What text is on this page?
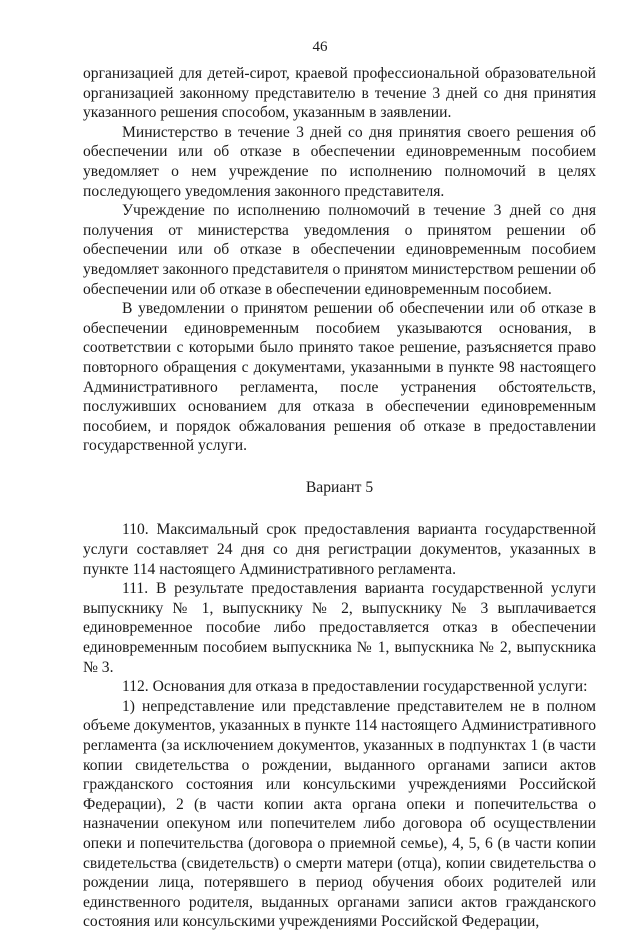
46

организацией для детей-сирот, краевой профессиональной образовательной организацией законному представителю в течение 3 дней со дня принятия указанного решения способом, указанным в заявлении.

Министерство в течение 3 дней со дня принятия своего решения об обеспечении или об отказе в обеспечении единовременным пособием уведомляет о нем учреждение по исполнению полномочий в целях последующего уведомления законного представителя.

Учреждение по исполнению полномочий в течение 3 дней со дня получения от министерства уведомления о принятом решении об обеспечении или об отказе в обеспечении единовременным пособием уведомляет законного представителя о принятом министерством решении об обеспечении или об отказе в обеспечении единовременным пособием.

В уведомлении о принятом решении об обеспечении или об отказе в обеспечении единовременным пособием указываются основания, в соответствии с которыми было принято такое решение, разъясняется право повторного обращения с документами, указанными в пункте 98 настоящего Административного регламента, после устранения обстоятельств, послуживших основанием для отказа в обеспечении единовременным пособием, и порядок обжалования решения об отказе в предоставлении государственной услуги.

Вариант 5

110. Максимальный срок предоставления варианта государственной услуги составляет 24 дня со дня регистрации документов, указанных в пункте 114 настоящего Административного регламента.

111. В результате предоставления варианта государственной услуги выпускнику № 1, выпускнику № 2, выпускнику № 3 выплачивается единовременное пособие либо предоставляется отказ в обеспечении единовременным пособием выпускника № 1, выпускника № 2, выпускника № 3.

112. Основания для отказа в предоставлении государственной услуги:

1) непредставление или представление представителем не в полном объеме документов, указанных в пункте 114 настоящего Административного регламента (за исключением документов, указанных в подпунктах 1 (в части копии свидетельства о рождении, выданного органами записи актов гражданского состояния или консульскими учреждениями Российской Федерации), 2 (в части копии акта органа опеки и попечительства о назначении опекуном или попечителем либо договора об осуществлении опеки и попечительства (договора о приемной семье), 4, 5, 6 (в части копии свидетельства (свидетельств) о смерти матери (отца), копии свидетельства о рождении лица, потерявшего в период обучения обоих родителей или единственного родителя, выданных органами записи актов гражданского состояния или консульскими учреждениями Российской Федерации,
